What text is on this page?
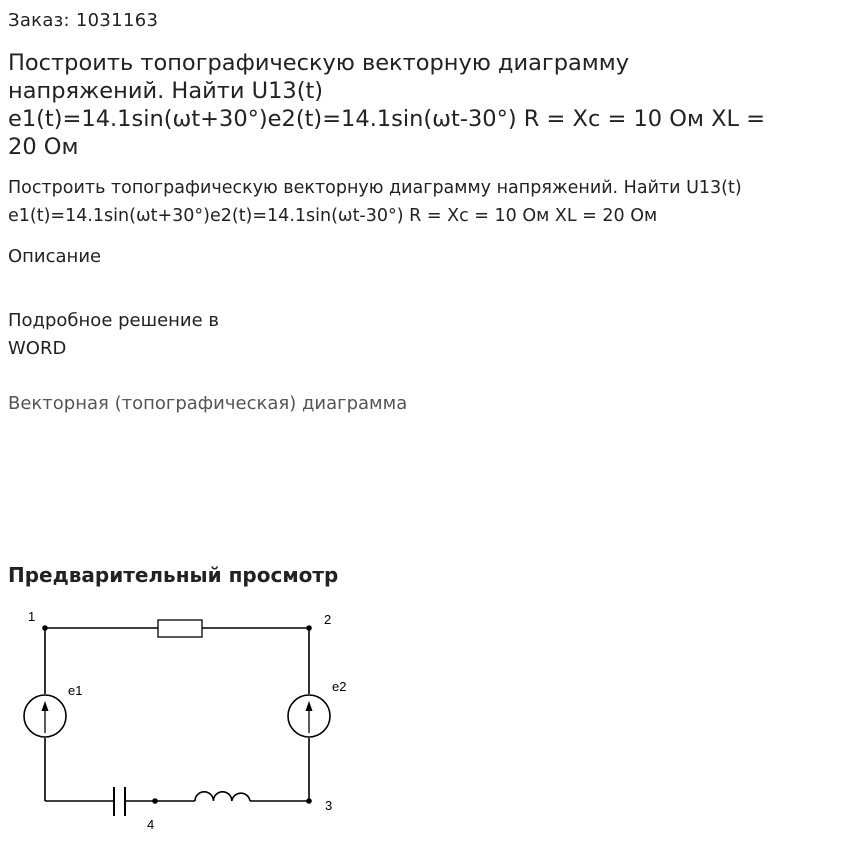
Заказ: 1031163
Построить топографическую векторную диаграмму
напряжений. Найти U13(t)
e1(t)=14.1sin(ωt+30°)e2(t)=14.1sin(ωt-30°) R = Xc = 10 Ом XL =
20 Ом
Построить топографическую векторную диаграмму напряжений. Найти U13(t)
e1(t)=14.1sin(ωt+30°)e2(t)=14.1sin(ωt-30°) R = Xc = 10 Ом XL = 20 Ом
Описание
Подробное решение в
WORD
Векторная (топографическая) диаграмма
Предварительный просмотр
1	2
3
4
e1	e2
